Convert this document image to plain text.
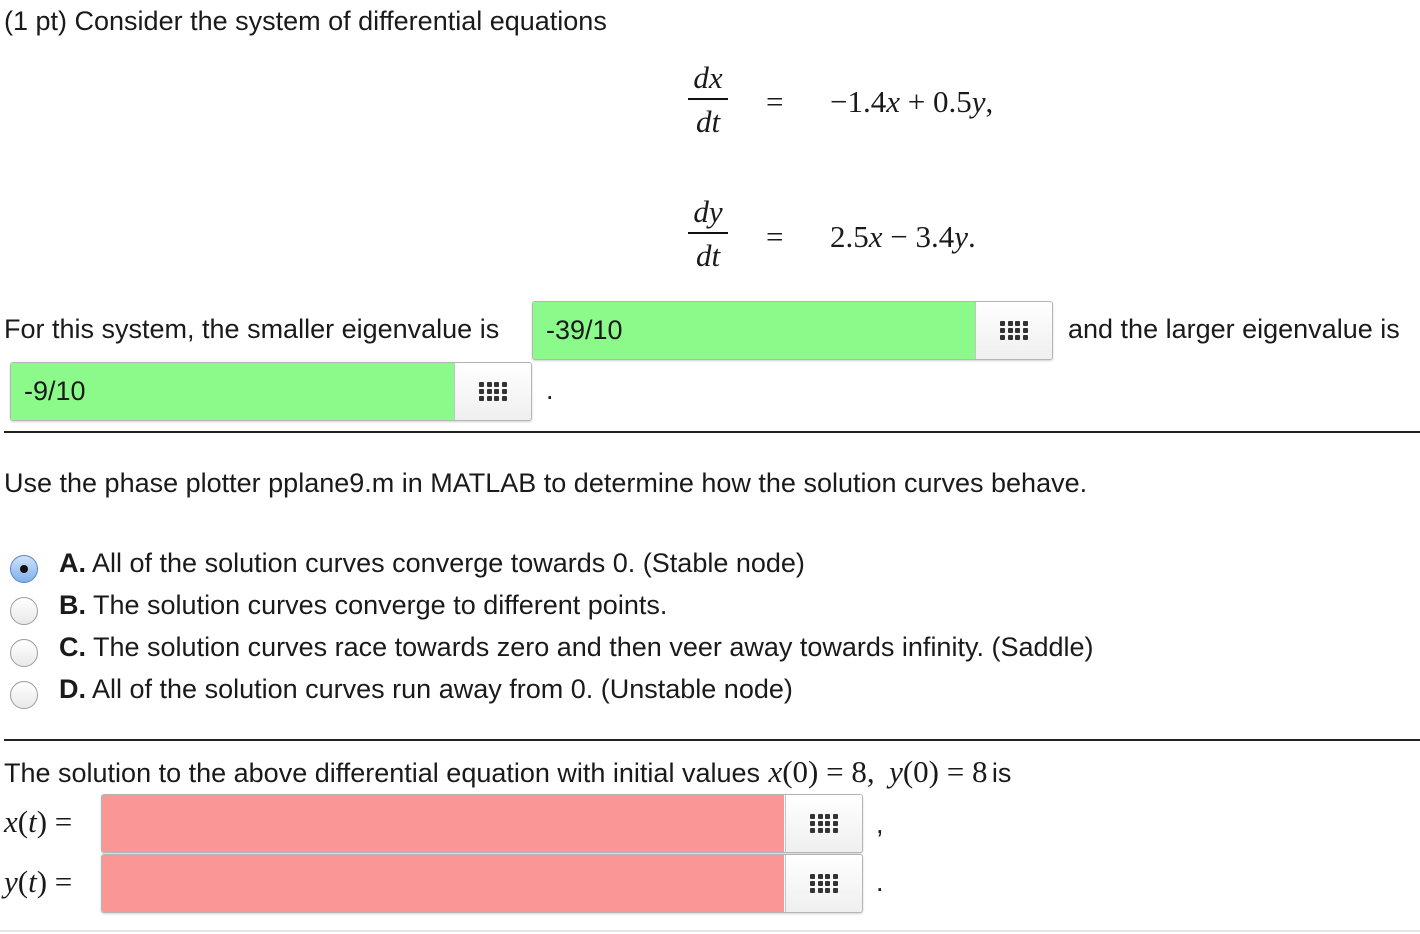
(1 pt) Consider the system of differential equations
dx
dt
= −1.4x + 0.5y,
dy
dt
= 2.5x − 3.4y.
For this system, the smaller eigenvalue is
-39/10	and the larger eigenvalue is
-9/10
.
Use the phase plotter pplane9.m in MATLAB to determine how the solution curves behave.
A. All of the solution curves converge towards 0. (Stable node)
B. The solution curves converge to different points.
C. The solution curves race towards zero and then veer away towards infinity. (Saddle)
D. All of the solution curves run away from 0. (Unstable node)
The solution to the above differential equation with initial values x(0) = 8, y(0) = 8 is
x(t) =	,
y(t) =	.
